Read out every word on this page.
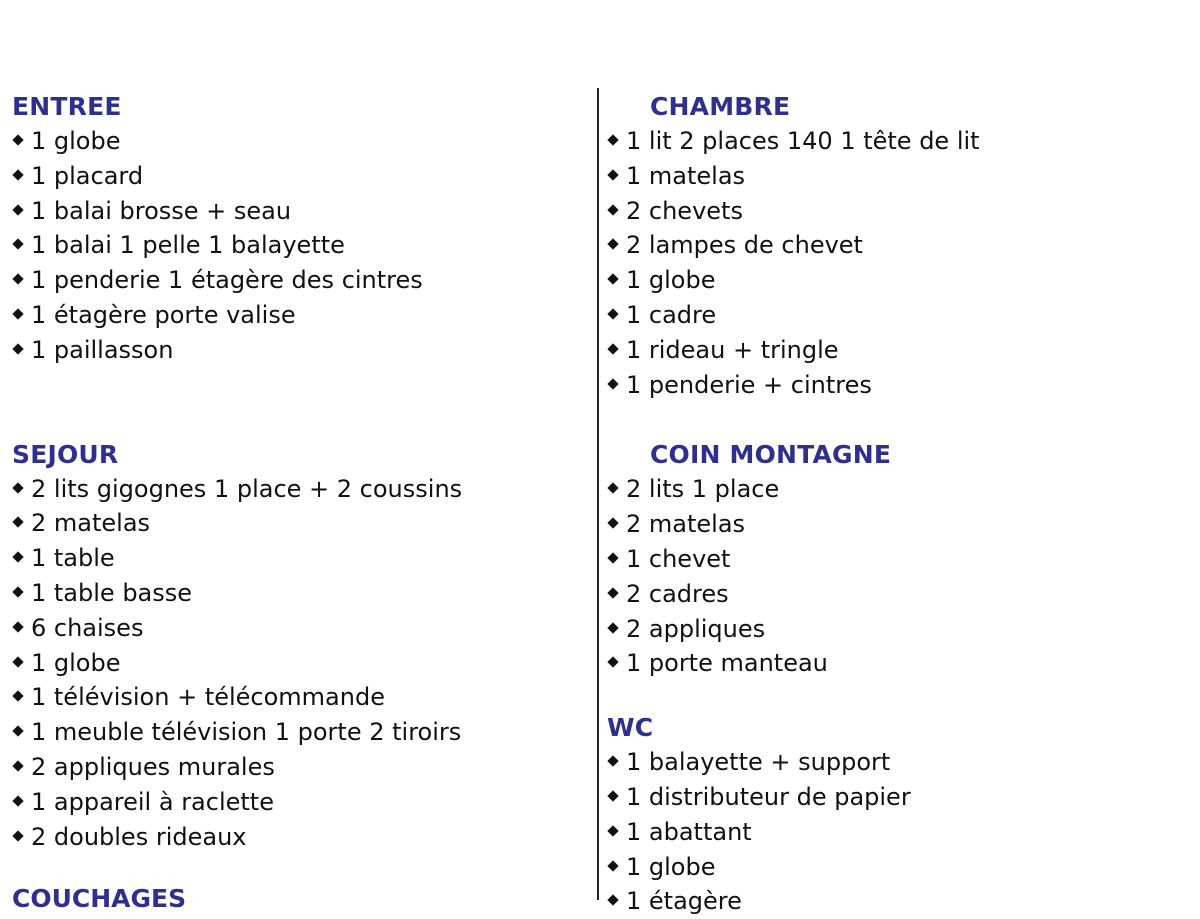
ENTREE
1 globe
1 placard
1 balai brosse + seau
1 balai 1 pelle 1 balayette
1 penderie 1 étagère des cintres
1 étagère porte valise
1 paillasson
SEJOUR
2 lits gigognes 1 place + 2 coussins
2 matelas
1 table
1 table basse
6 chaises
1 globe
1 télévision + télécommande
1 meuble télévision 1 porte 2 tiroirs
2 appliques murales
1 appareil à raclette
2 doubles rideaux
COUCHAGES
CHAMBRE
1 lit 2 places 140 1 tête de lit
1 matelas
2 chevets
2 lampes de chevet
1 globe
1 cadre
1 rideau + tringle
1 penderie + cintres
COIN MONTAGNE
2 lits 1 place
2 matelas
1 chevet
2 cadres
2 appliques
1 porte manteau
WC
1 balayette + support
1 distributeur de papier
1 abattant
1 globe
1 étagère
